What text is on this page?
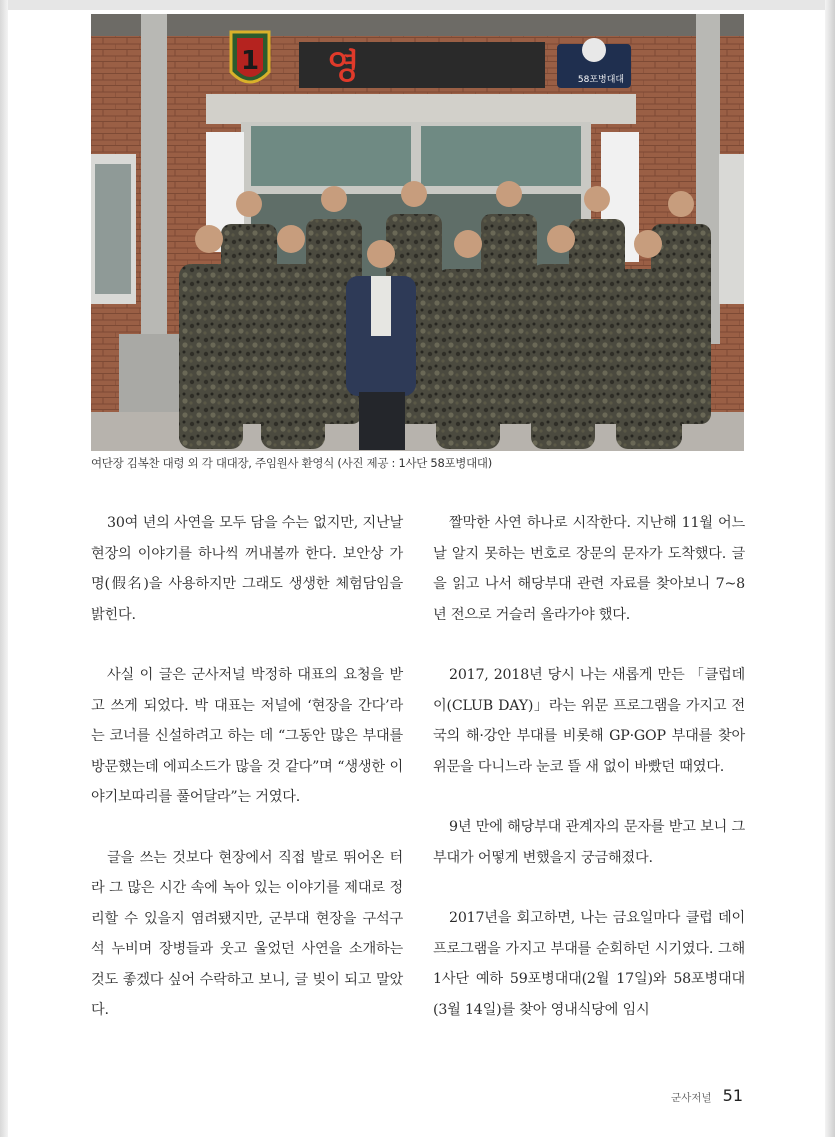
1 영	58포병대대
여단장 김복찬 대령 외 각 대대장, 주임원사 환영식 (사진 제공 : 1사단 58포병대대)

30여 년의 사연을 모두 담을 수는 없지만, 지난날 현장의 이야기를 하나씩 꺼내볼까 한다. 보안상 가명(假名)을 사용하지만 그래도 생생한 체험담임을 밝힌다.

사실 이 글은 군사저널 박정하 대표의 요청을 받고 쓰게 되었다. 박 대표는 저널에 ‘현장을 간다’라는 코너를 신설하려고 하는 데 “그동안 많은 부대를 방문했는데 에피소드가 많을 것 같다”며 “생생한 이야기보따리를 풀어달라”는 거였다.

글을 쓰는 것보다 현장에서 직접 발로 뛰어온 터라 그 많은 시간 속에 녹아 있는 이야기를 제대로 정리할 수 있을지 염려됐지만, 군부대 현장을 구석구석 누비며 장병들과 웃고 울었던 사연을 소개하는 것도 좋겠다 싶어 수락하고 보니, 글 빚이 되고 말았다.

짤막한 사연 하나로 시작한다. 지난해 11월 어느 날 알지 못하는 번호로 장문의 문자가 도착했다. 글을 읽고 나서 해당부대 관련 자료를 찾아보니 7~8년 전으로 거슬러 올라가야 했다.

2017, 2018년 당시 나는 새롭게 만든 「클럽데이(CLUB DAY)」라는 위문 프로그램을 가지고 전국의 해·강안 부대를 비롯해 GP·GOP 부대를 찾아 위문을 다니느라 눈코 뜰 새 없이 바빴던 때였다.

9년 만에 해당부대 관계자의 문자를 받고 보니 그 부대가 어떻게 변했을지 궁금해졌다.

2017년을 회고하면, 나는 금요일마다 클럽 데이 프로그램을 가지고 부대를 순회하던 시기였다. 그해 1사단 예하 59포병대대(2월 17일)와 58포병대대(3월 14일)를 찾아 영내식당에 임시

군사저널 51
